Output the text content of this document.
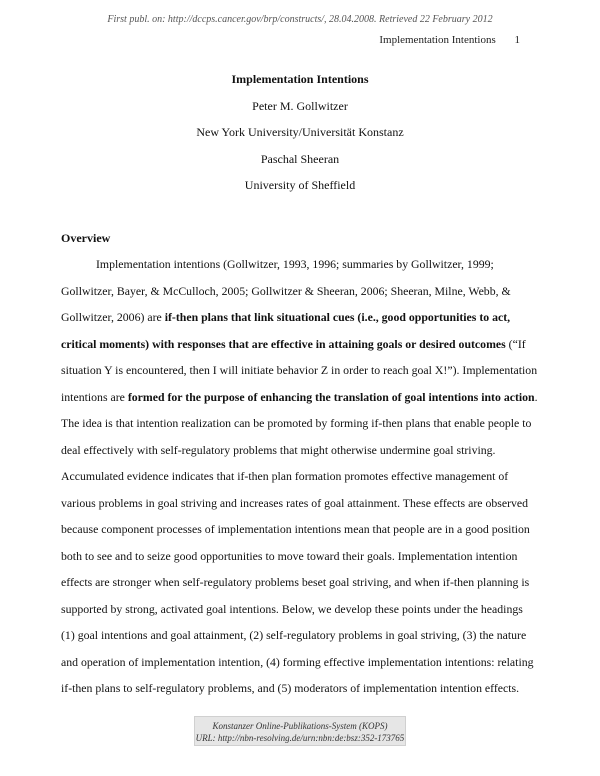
First publ. on: http://dccps.cancer.gov/brp/constructs/, 28.04.2008. Retrieved 22 February 2012
Implementation Intentions 1
Implementation Intentions
Peter M. Gollwitzer
New York University/Universität Konstanz
Paschal Sheeran
University of Sheffield
Overview
Implementation intentions (Gollwitzer, 1993, 1996; summaries by Gollwitzer, 1999;
Gollwitzer, Bayer, & McCulloch, 2005; Gollwitzer & Sheeran, 2006; Sheeran, Milne, Webb, &
Gollwitzer, 2006) are if-then plans that link situational cues (i.e., good opportunities to act,
critical moments) with responses that are effective in attaining goals or desired outcomes (“If
situation Y is encountered, then I will initiate behavior Z in order to reach goal X!”). Implementation
intentions are formed for the purpose of enhancing the translation of goal intentions into action.
The idea is that intention realization can be promoted by forming if-then plans that enable people to
deal effectively with self-regulatory problems that might otherwise undermine goal striving.
Accumulated evidence indicates that if-then plan formation promotes effective management of
various problems in goal striving and increases rates of goal attainment. These effects are observed
because component processes of implementation intentions mean that people are in a good position
both to see and to seize good opportunities to move toward their goals. Implementation intention
effects are stronger when self-regulatory problems beset goal striving, and when if-then planning is
supported by strong, activated goal intentions. Below, we develop these points under the headings
(1) goal intentions and goal attainment, (2) self-regulatory problems in goal striving, (3) the nature
and operation of implementation intention, (4) forming effective implementation intentions: relating
if-then plans to self-regulatory problems, and (5) moderators of implementation intention effects.
Konstanzer Online-Publikations-System (KOPS)
URL: http://nbn-resolving.de/urn:nbn:de:bsz:352-173765
